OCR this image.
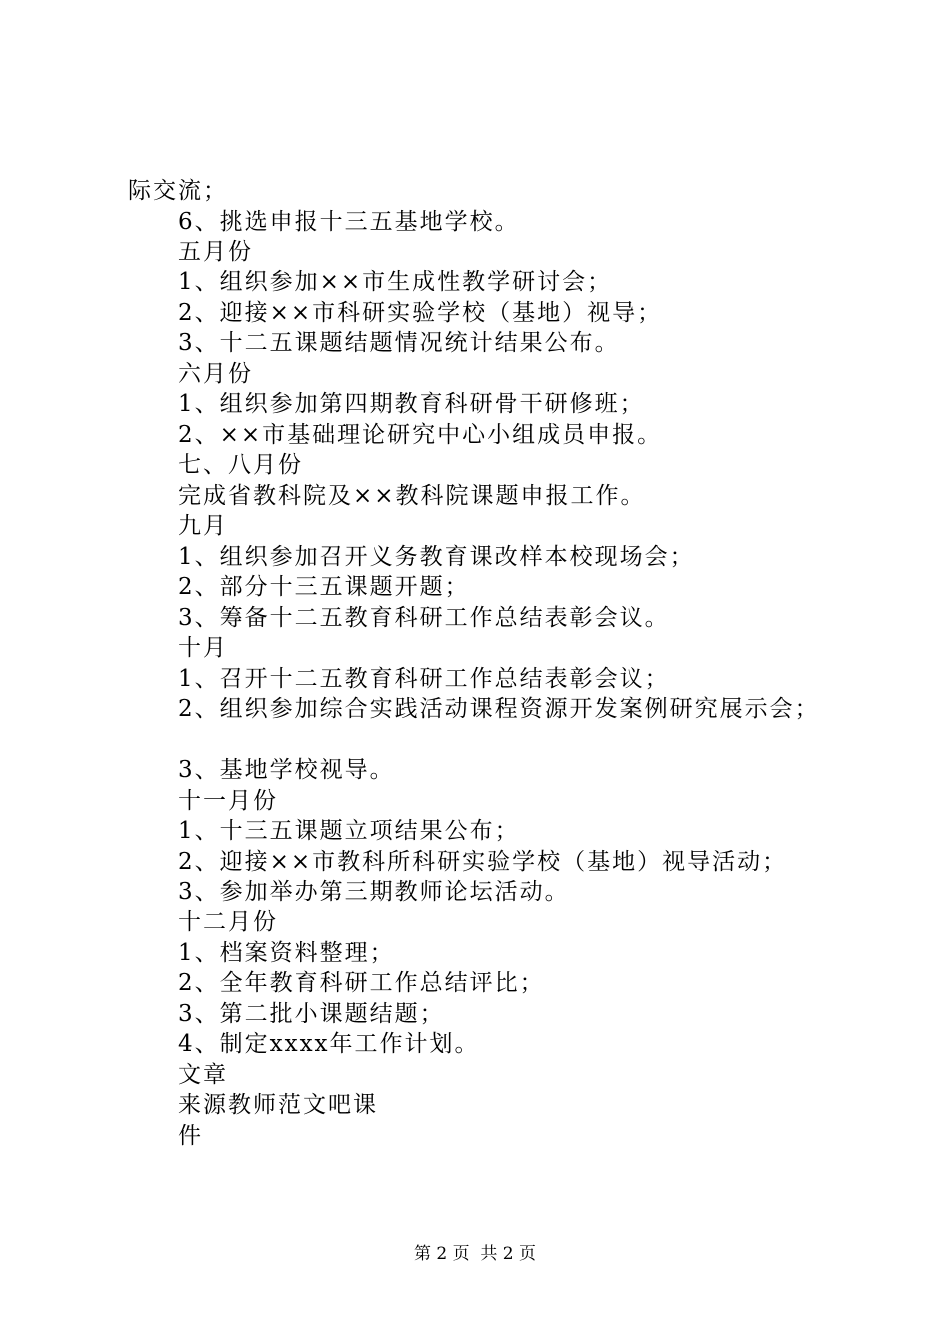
际交流；
6、挑选申报十三五基地学校。
五月份
1、组织参加××市生成性教学研讨会；
2、迎接××市科研实验学校（基地）视导；
3、十二五课题结题情况统计结果公布。
六月份
1、组织参加第四期教育科研骨干研修班；
2、××市基础理论研究中心小组成员申报。
七、八月份
完成省教科院及××教科院课题申报工作。
九月
1、组织参加召开义务教育课改样本校现场会；
2、部分十三五课题开题；
3、筹备十二五教育科研工作总结表彰会议。
十月
1、召开十二五教育科研工作总结表彰会议；
2、组织参加综合实践活动课程资源开发案例研究展示会；
3、基地学校视导。
十一月份
1、十三五课题立项结果公布；
2、迎接××市教科所科研实验学校（基地）视导活动；
3、参加举办第三期教师论坛活动。
十二月份
1、档案资料整理；
2、全年教育科研工作总结评比；
3、第二批小课题结题；
4、制定xxxx年工作计划。
文章
来源教师范文吧课
件
第 2 页  共 2 页
